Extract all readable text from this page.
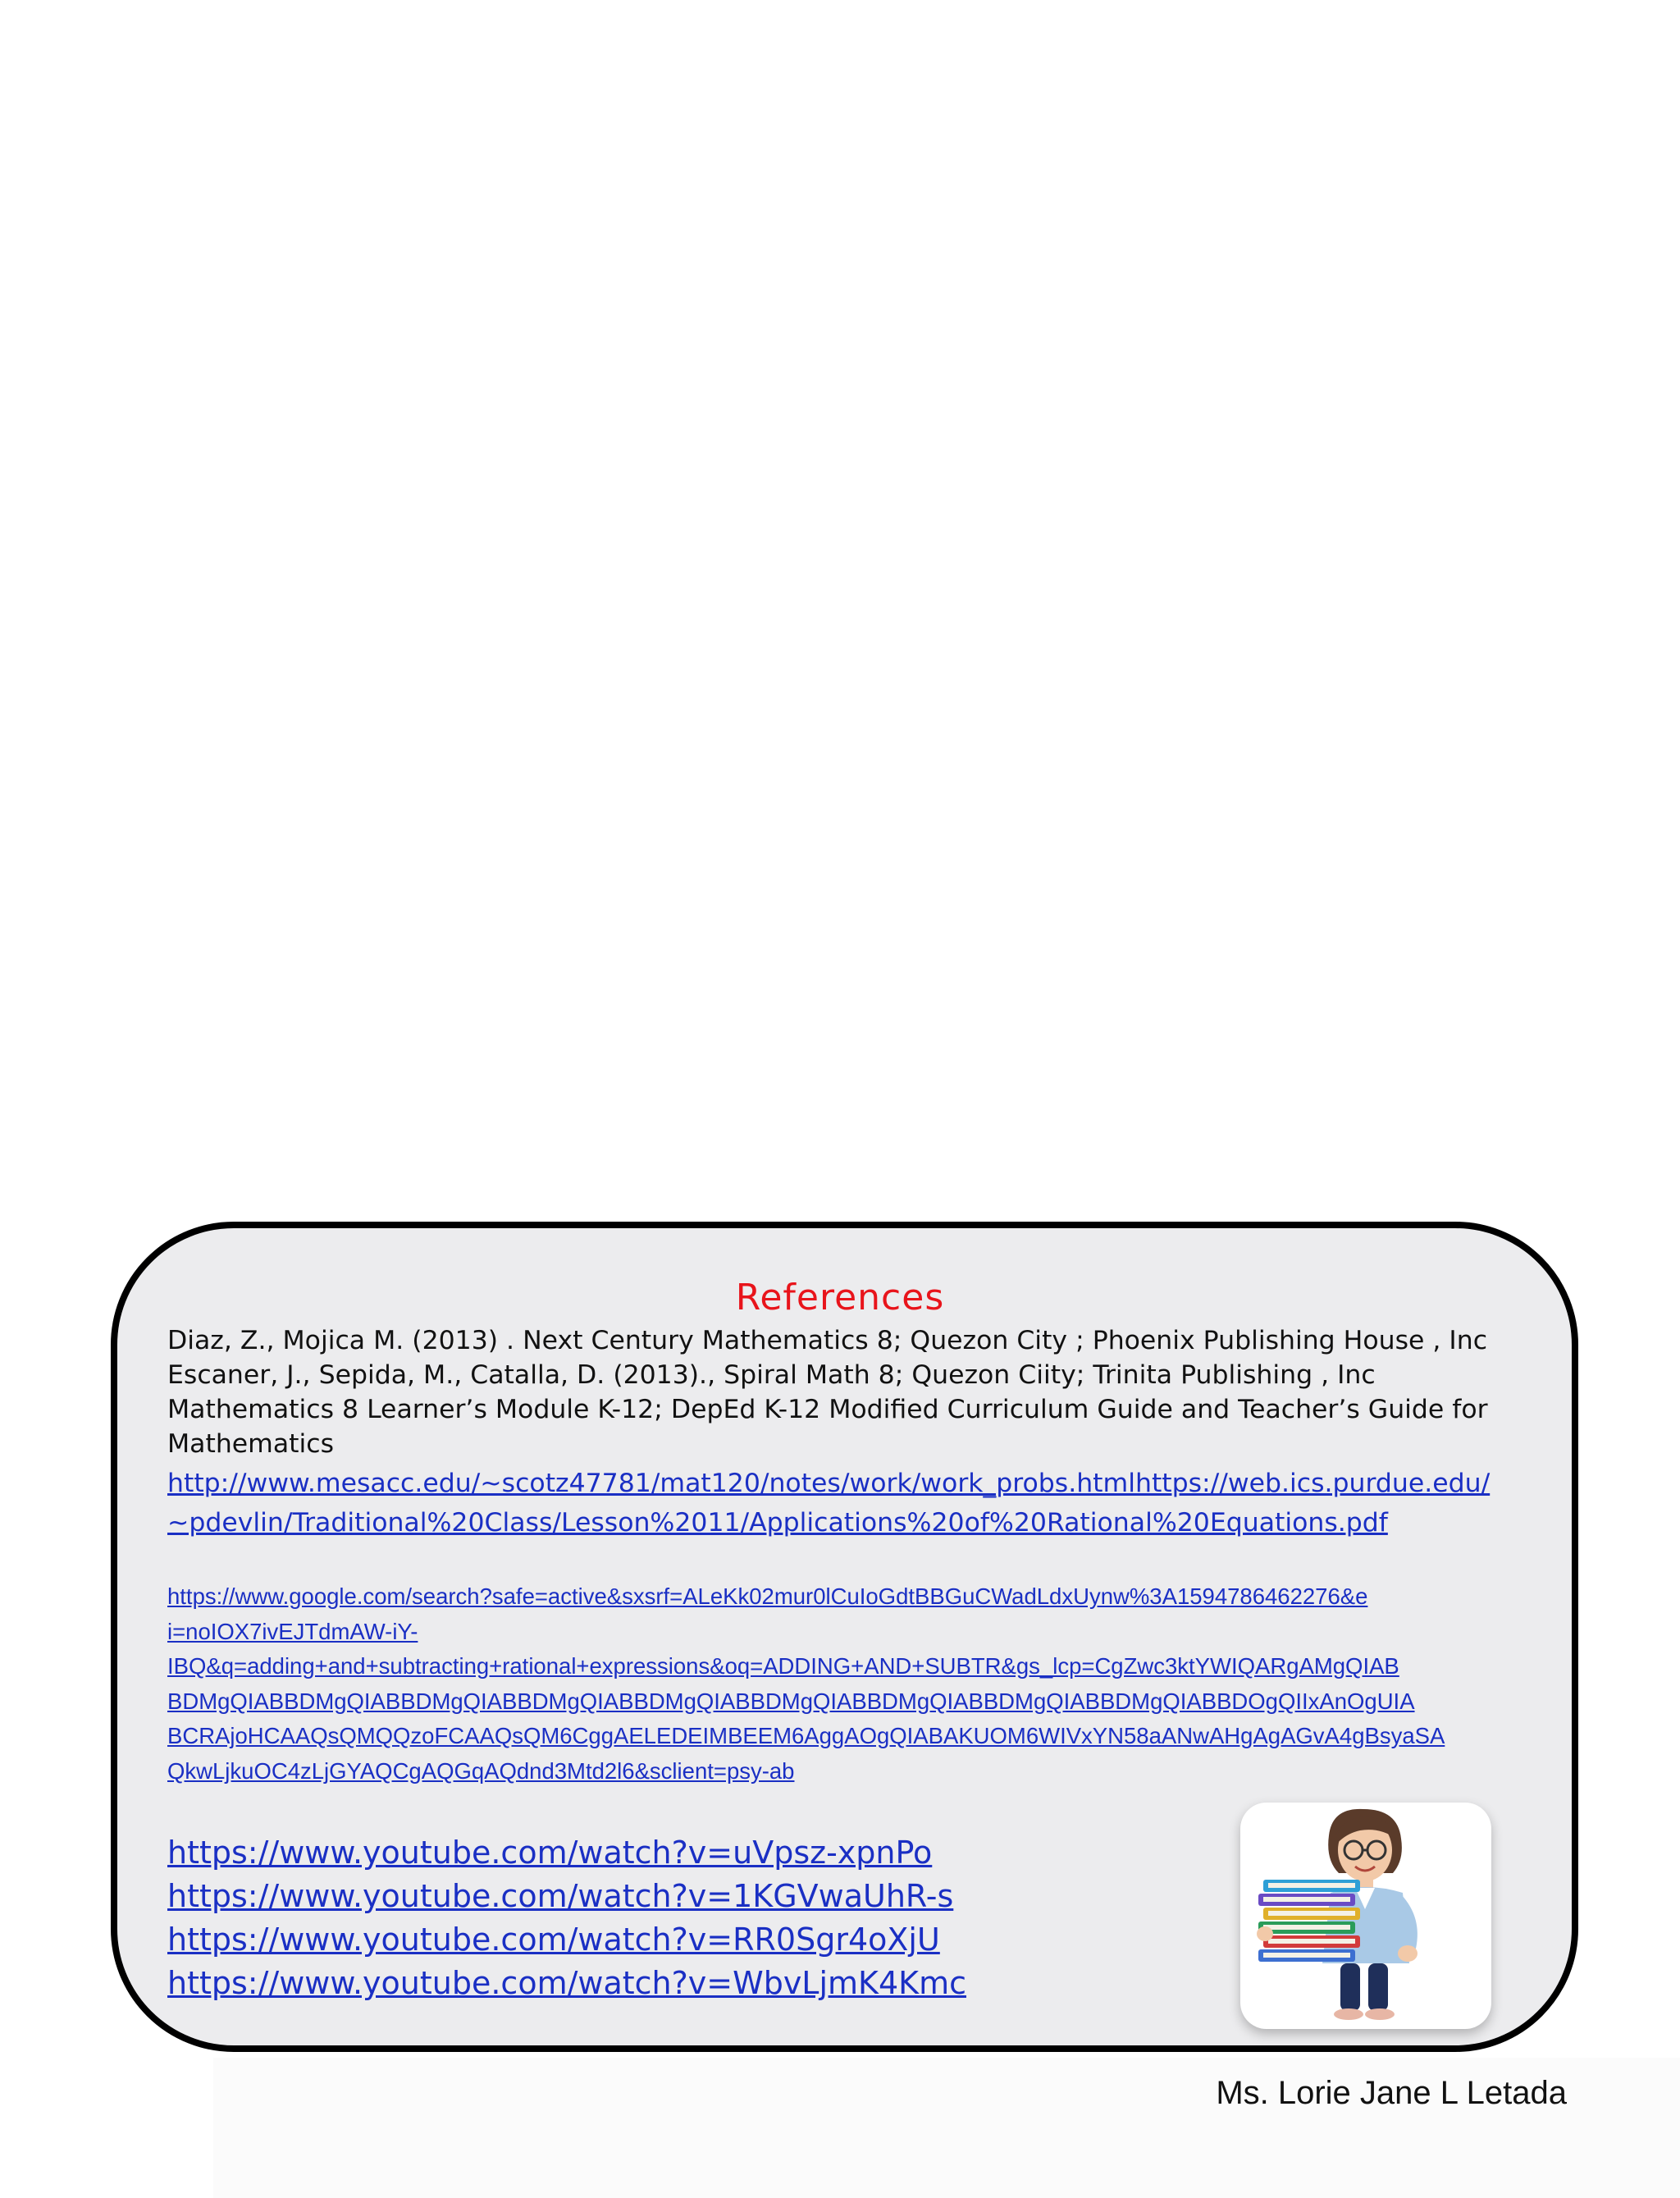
References
Diaz, Z., Mojica M. (2013) . Next Century Mathematics 8; Quezon City ; Phoenix Publishing House , Inc
Escaner, J., Sepida, M., Catalla, D. (2013)., Spiral Math 8; Quezon Ciity; Trinita Publishing , Inc
Mathematics 8 Learner’s Module K-12; DepEd K-12 Modified Curriculum Guide and Teacher’s Guide for
Mathematics
http://www.mesacc.edu/~scotz47781/mat120/notes/work/work_probs.htmlhttps://web.ics.purdue.edu/
~pdevlin/Traditional%20Class/Lesson%2011/Applications%20of%20Rational%20Equations.pdf
https://www.google.com/search?safe=active&sxsrf=ALeKk02mur0lCuIoGdtBBGuCWadLdxUynw%3A1594786462276&e
i=noIOX7ivEJTdmAW-iY-
IBQ&q=adding+and+subtracting+rational+expressions&oq=ADDING+AND+SUBTR&gs_lcp=CgZwc3ktYWIQARgAMgQIAB
BDMgQIABBDMgQIABBDMgQIABBDMgQIABBDMgQIABBDMgQIABBDMgQIABBDMgQIABBDMgQIABBDOgQIIxAnOgUIA
BCRAjoHCAAQsQMQQzoFCAAQsQM6CggAELEDEIMBEEM6AggAOgQIABAKUOM6WIVxYN58aANwAHgAgAGvA4gBsyaSA
QkwLjkuOC4zLjGYAQCgAQGqAQdnd3Mtd2l6&sclient=psy-ab
https://www.youtube.com/watch?v=uVpsz-xpnPo
https://www.youtube.com/watch?v=1KGVwaUhR-s
https://www.youtube.com/watch?v=RR0Sgr4oXjU
https://www.youtube.com/watch?v=WbvLjmK4Kmc
Ms. Lorie Jane L Letada
